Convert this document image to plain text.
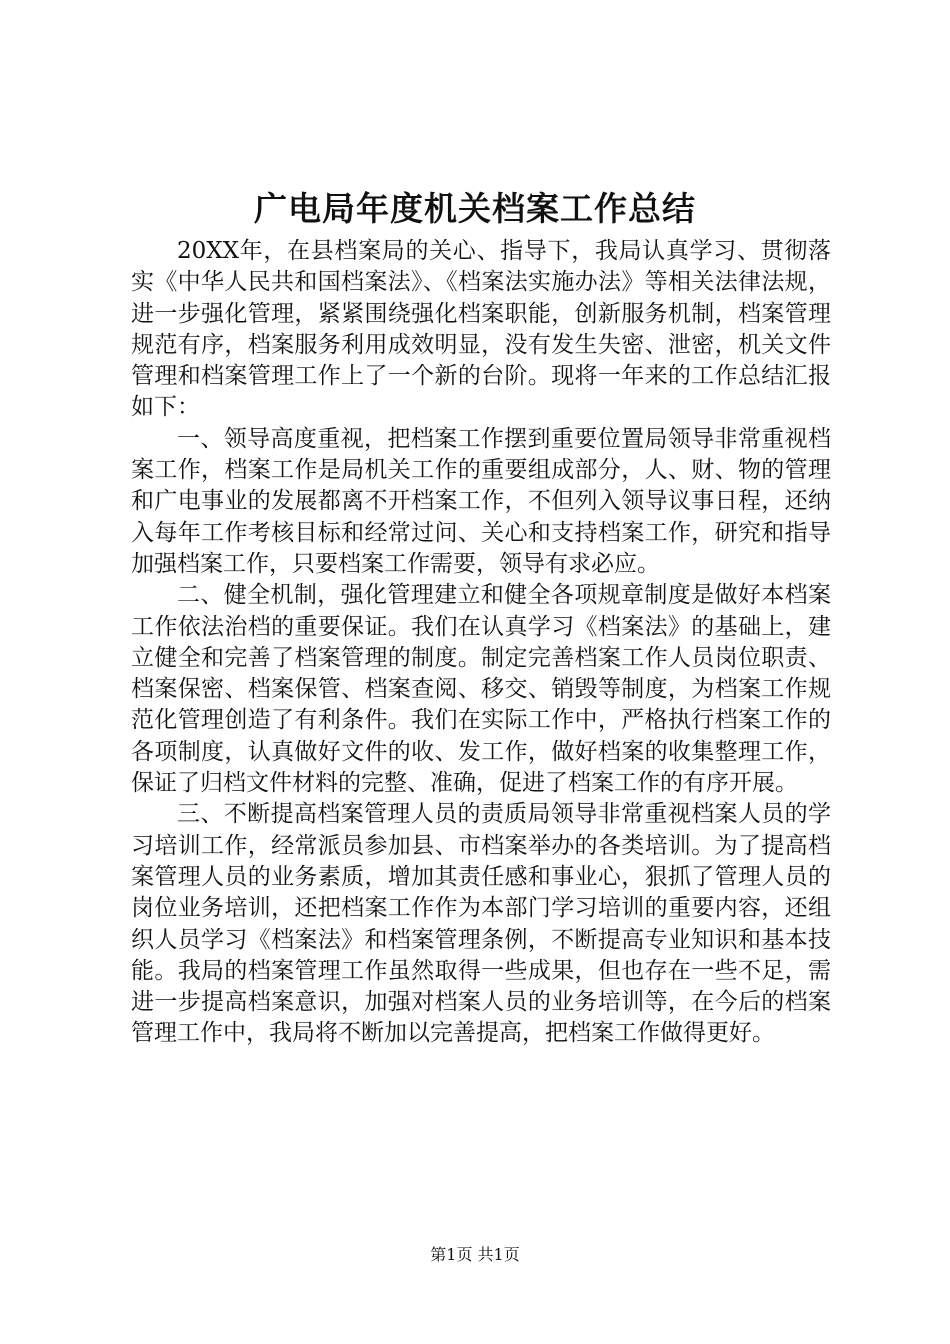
广电局年度机关档案工作总结

20XX年，在县档案局的关心、指导下，我局认真学习、贯彻落实《中华人民共和国档案法》、《档案法实施办法》等相关法律法规，进一步强化管理，紧紧围绕强化档案职能，创新服务机制，档案管理规范有序，档案服务利用成效明显，没有发生失密、泄密，机关文件管理和档案管理工作上了一个新的台阶。现将一年来的工作总结汇报如下：

一、领导高度重视，把档案工作摆到重要位置局领导非常重视档案工作，档案工作是局机关工作的重要组成部分，人、财、物的管理和广电事业的发展都离不开档案工作，不但列入领导议事日程，还纳入每年工作考核目标和经常过问、关心和支持档案工作，研究和指导加强档案工作，只要档案工作需要，领导有求必应。

二、健全机制，强化管理建立和健全各项规章制度是做好本档案工作依法治档的重要保证。我们在认真学习《档案法》的基础上，建立健全和完善了档案管理的制度。制定完善档案工作人员岗位职责、档案保密、档案保管、档案查阅、移交、销毁等制度，为档案工作规范化管理创造了有利条件。我们在实际工作中，严格执行档案工作的各项制度，认真做好文件的收、发工作，做好档案的收集整理工作，保证了归档文件材料的完整、准确，促进了档案工作的有序开展。

三、不断提高档案管理人员的责质局领导非常重视档案人员的学习培训工作，经常派员参加县、市档案举办的各类培训。为了提高档案管理人员的业务素质，增加其责任感和事业心，狠抓了管理人员的岗位业务培训，还把档案工作作为本部门学习培训的重要内容，还组织人员学习《档案法》和档案管理条例，不断提高专业知识和基本技能。我局的档案管理工作虽然取得一些成果，但也存在一些不足，需进一步提高档案意识，加强对档案人员的业务培训等，在今后的档案管理工作中，我局将不断加以完善提高，把档案工作做得更好。

第1页 共1页
